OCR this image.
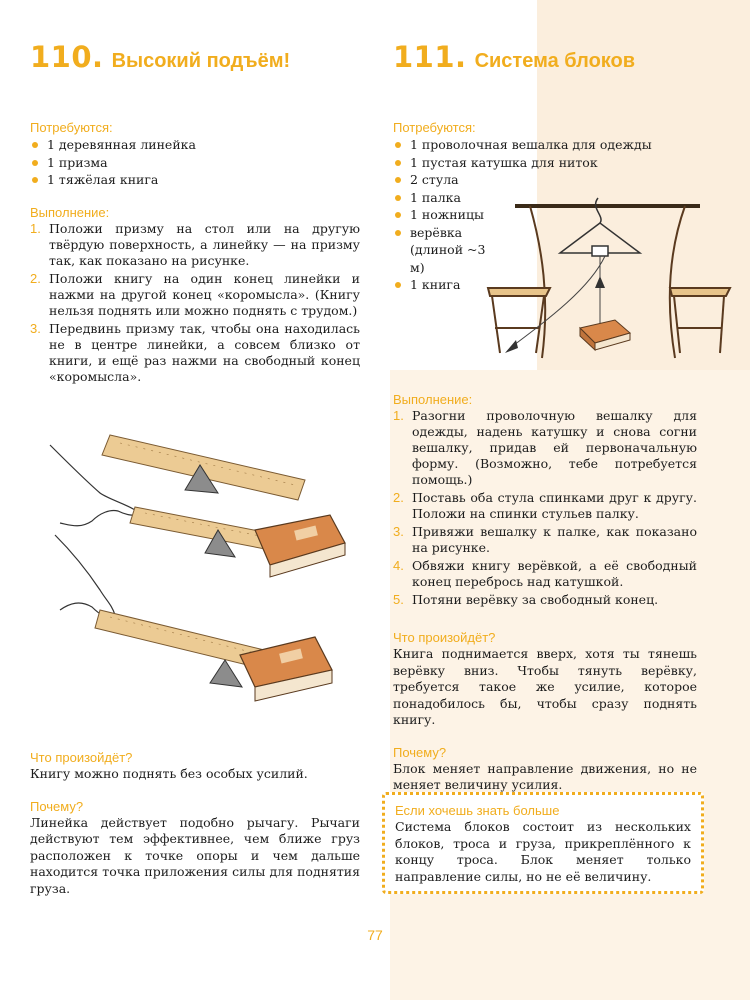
110. Высокий подъём!
Потребуются:
1 деревянная линейка
1 призма
1 тяжёлая книга
Выполнение:
1. Положи призму на стол или на другую твёрдую поверхность, а линейку — на призму так, как показано на рисунке.
2. Положи книгу на один конец линейки и нажми на другой конец «коромысла». (Книгу нельзя поднять или можно поднять с трудом.)
3. Передвинь призму так, чтобы она находилась не в центре линейки, а совсем близко от книги, и ещё раз нажми на свободный конец «коромысла».
Что произойдёт?

Книгу можно поднять без особых усилий.

Почему?

Линейка действует подобно рычагу. Рычаги действуют тем эффективнее, чем ближе груз расположен к точке опоры и чем дальше находится точка приложения силы для поднятия груза.

111. Система блоков
Потребуются:
1 проволочная вешалка для одежды
1 пустая катушка для ниток
2 стула
1 палка
1 ножницы
верёвка (длиной ~3 м)
1 книга
Выполнение:
1. Разогни проволочную вешалку для одежды, надень катушку и снова согни вешалку, придав ей первоначальную форму. (Возможно, тебе потребуется помощь.)
2. Поставь оба стула спинками друг к другу. Положи на спинки стульев палку.
3. Привяжи вешалку к палке, как показано на рисунке.
4. Обвяжи книгу верёвкой, а её свободный конец перебрось над катушкой.
5. Потяни верёвку за свободный конец.
Что произойдёт?

Книга поднимается вверх, хотя ты тянешь верёвку вниз. Чтобы тянуть верёвку, требуется такое же усилие, которое понадобилось бы, чтобы сразу поднять книгу.

Почему?

Блок меняет направление движения, но не меняет величину усилия.

Если хочешь знать больше

Система блоков состоит из нескольких блоков, троса и груза, прикреплённого к концу троса. Блок меняет только направление силы, но не её величину.

77
